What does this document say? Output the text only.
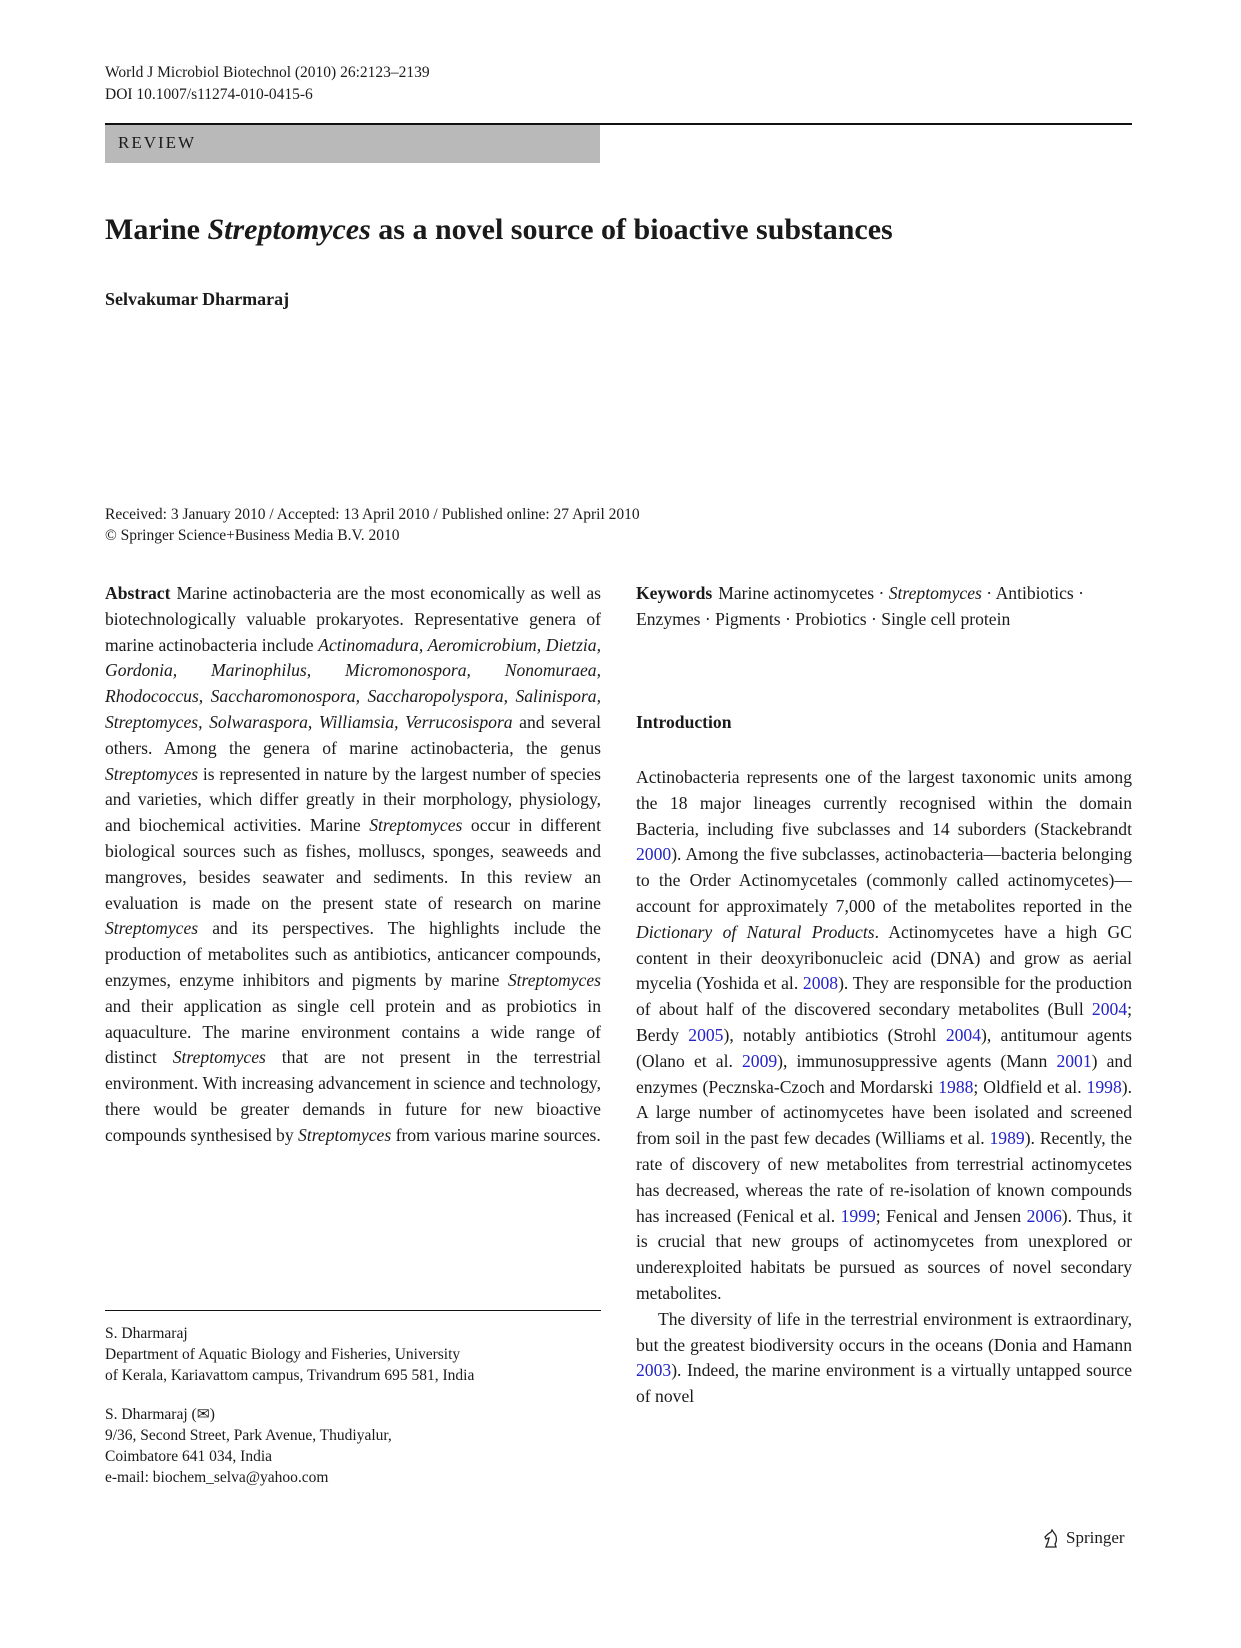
World J Microbiol Biotechnol (2010) 26:2123–2139
DOI 10.1007/s11274-010-0415-6
REVIEW
Marine Streptomyces as a novel source of bioactive substances
Selvakumar Dharmaraj
Received: 3 January 2010 / Accepted: 13 April 2010 / Published online: 27 April 2010
© Springer Science+Business Media B.V. 2010

Abstract Marine actinobacteria are the most economically as well as biotechnologically valuable prokaryotes. Representative genera of marine actinobacteria include Actinomadura, Aeromicrobium, Dietzia, Gordonia, Marinophilus, Micromonospora, Nonomuraea, Rhodococcus, Saccharomonospora, Saccharopolyspora, Salinispora, Streptomyces, Solwaraspora, Williamsia, Verrucosispora and several others. Among the genera of marine actinobacteria, the genus Streptomyces is represented in nature by the largest number of species and varieties, which differ greatly in their morphology, physiology, and biochemical activities. Marine Streptomyces occur in different biological sources such as fishes, molluscs, sponges, seaweeds and mangroves, besides seawater and sediments. In this review an evaluation is made on the present state of research on marine Streptomyces and its perspectives. The highlights include the production of metabolites such as antibiotics, anticancer compounds, enzymes, enzyme inhibitors and pigments by marine Streptomyces and their application as single cell protein and as probiotics in aquaculture. The marine environment contains a wide range of distinct Streptomyces that are not present in the terrestrial environment. With increasing advancement in science and technology, there would be greater demands in future for new bioactive compounds synthesised by Streptomyces from various marine sources.

Keywords Marine actinomycetes · Streptomyces · Antibiotics · Enzymes · Pigments · Probiotics · Single cell protein

Introduction

Actinobacteria represents one of the largest taxonomic units among the 18 major lineages currently recognised within the domain Bacteria, including five subclasses and 14 suborders (Stackebrandt 2000). Among the five subclasses, actinobacteria—bacteria belonging to the Order Actinomycetales (commonly called actinomycetes)—account for approximately 7,000 of the metabolites reported in the Dictionary of Natural Products. Actinomycetes have a high GC content in their deoxyribonucleic acid (DNA) and grow as aerial mycelia (Yoshida et al. 2008). They are responsible for the production of about half of the discovered secondary metabolites (Bull 2004; Berdy 2005), notably antibiotics (Strohl 2004), antitumour agents (Olano et al. 2009), immunosuppressive agents (Mann 2001) and enzymes (Pecznska-Czoch and Mordarski 1988; Oldfield et al. 1998). A large number of actinomycetes have been isolated and screened from soil in the past few decades (Williams et al. 1989). Recently, the rate of discovery of new metabolites from terrestrial actinomycetes has decreased, whereas the rate of re-isolation of known compounds has increased (Fenical et al. 1999; Fenical and Jensen 2006). Thus, it is crucial that new groups of actinomycetes from unexplored or underexploited habitats be pursued as sources of novel secondary metabolites.

The diversity of life in the terrestrial environment is extraordinary, but the greatest biodiversity occurs in the oceans (Donia and Hamann 2003). Indeed, the marine environment is a virtually untapped source of novel

S. Dharmaraj
Department of Aquatic Biology and Fisheries, University
of Kerala, Kariavattom campus, Trivandrum 695 581, India
S. Dharmaraj (✉)
9/36, Second Street, Park Avenue, Thudiyalur,
Coimbatore 641 034, India
e-mail: biochem_selva@yahoo.com
Springer
